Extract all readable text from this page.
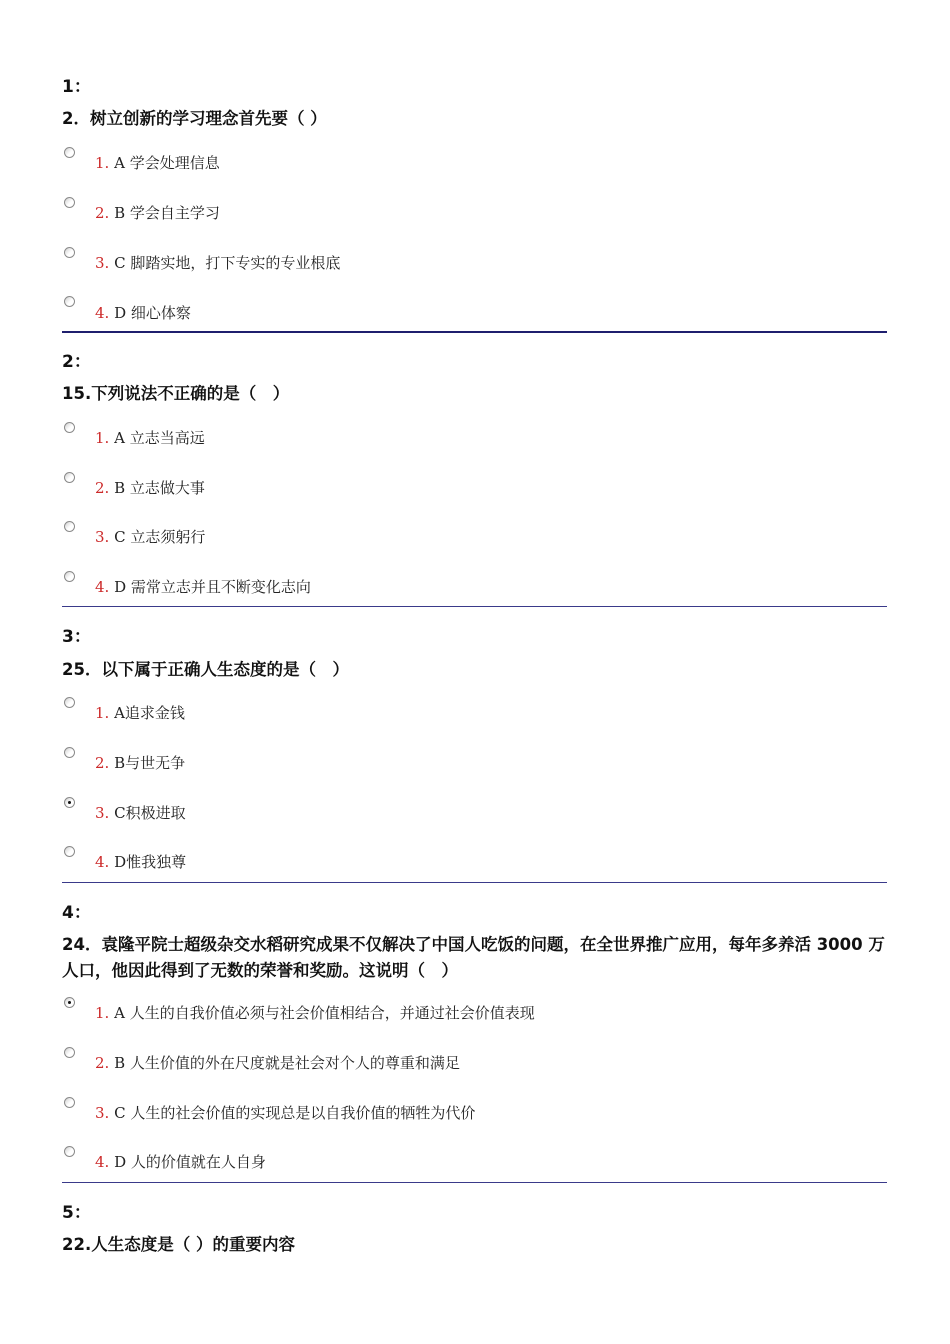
1：
2．树立创新的学习理念首先要（ ）
1. A 学会处理信息
2. B 学会自主学习
3. C 脚踏实地，打下专实的专业根底
4. D 细心体察
2：
15.下列说法不正确的是（　）
1. A 立志当高远
2. B 立志做大事
3. C 立志须躬行
4. D 需常立志并且不断变化志向
3：
25．以下属于正确人生态度的是（　）
1. A追求金钱
2. B与世无争
3. C积极进取
4. D惟我独尊
4：
24．袁隆平院士超级杂交水稻研究成果不仅解决了中国人吃饭的问题，在全世界推广应用，每年多养活 3000 万人口，他因此得到了无数的荣誉和奖励。这说明（　）
1. A 人生的自我价值必须与社会价值相结合，并通过社会价值表现
2. B 人生价值的外在尺度就是社会对个人的尊重和满足
3. C 人生的社会价值的实现总是以自我价值的牺牲为代价
4. D 人的价值就在人自身
5：
22.人生态度是（ ）的重要内容
